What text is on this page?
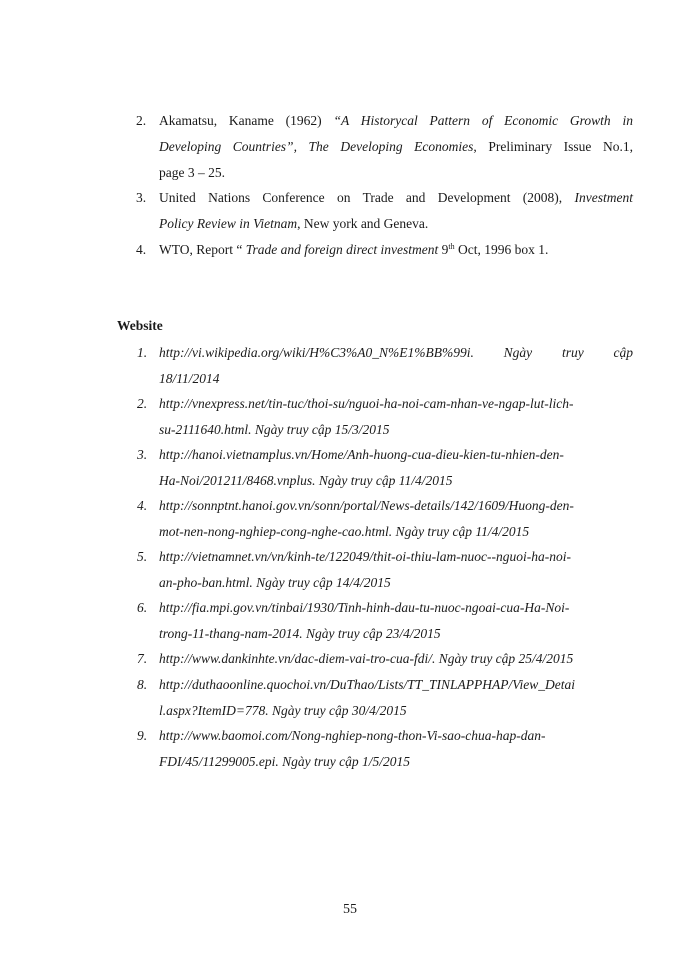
2. Akamatsu, Kaname (1962) “A Historycal Pattern of Economic Growth in
Developing Countries”, The Developing Economies, Preliminary Issue No.1,
page 3 – 25.
3. United Nations Conference on Trade and Development (2008), Investment
Policy Review in Vietnam, New york and Geneva.
4. WTO, Report “ Trade and foreign direct investment 9th Oct, 1996 box 1.
Website
1. http://vi.wikipedia.org/wiki/H%C3%A0_N%E1%BB%99i. Ngày truy cập
18/11/2014
2. http://vnexpress.net/tin-tuc/thoi-su/nguoi-ha-noi-cam-nhan-ve-ngap-lut-lich-
su-2111640.html. Ngày truy cập 15/3/2015
3. http://hanoi.vietnamplus.vn/Home/Anh-huong-cua-dieu-kien-tu-nhien-den-
Ha-Noi/201211/8468.vnplus. Ngày truy cập 11/4/2015
4. http://sonnptnt.hanoi.gov.vn/sonn/portal/News-details/142/1609/Huong-den-
mot-nen-nong-nghiep-cong-nghe-cao.html. Ngày truy cập 11/4/2015
5. http://vietnamnet.vn/vn/kinh-te/122049/thit-oi-thiu-lam-nuoc--nguoi-ha-noi-
an-pho-ban.html. Ngày truy cập 14/4/2015
6. http://fia.mpi.gov.vn/tinbai/1930/Tinh-hinh-dau-tu-nuoc-ngoai-cua-Ha-Noi-
trong-11-thang-nam-2014. Ngày truy cập 23/4/2015
7. http://www.dankinhte.vn/dac-diem-vai-tro-cua-fdi/. Ngày truy cập 25/4/2015
8. http://duthaoonline.quochoi.vn/DuThao/Lists/TT_TINLAPPHAP/View_Detai
l.aspx?ItemID=778. Ngày truy cập 30/4/2015
9. http://www.baomoi.com/Nong-nghiep-nong-thon-Vi-sao-chua-hap-dan-
FDI/45/11299005.epi. Ngày truy cập 1/5/2015
55
